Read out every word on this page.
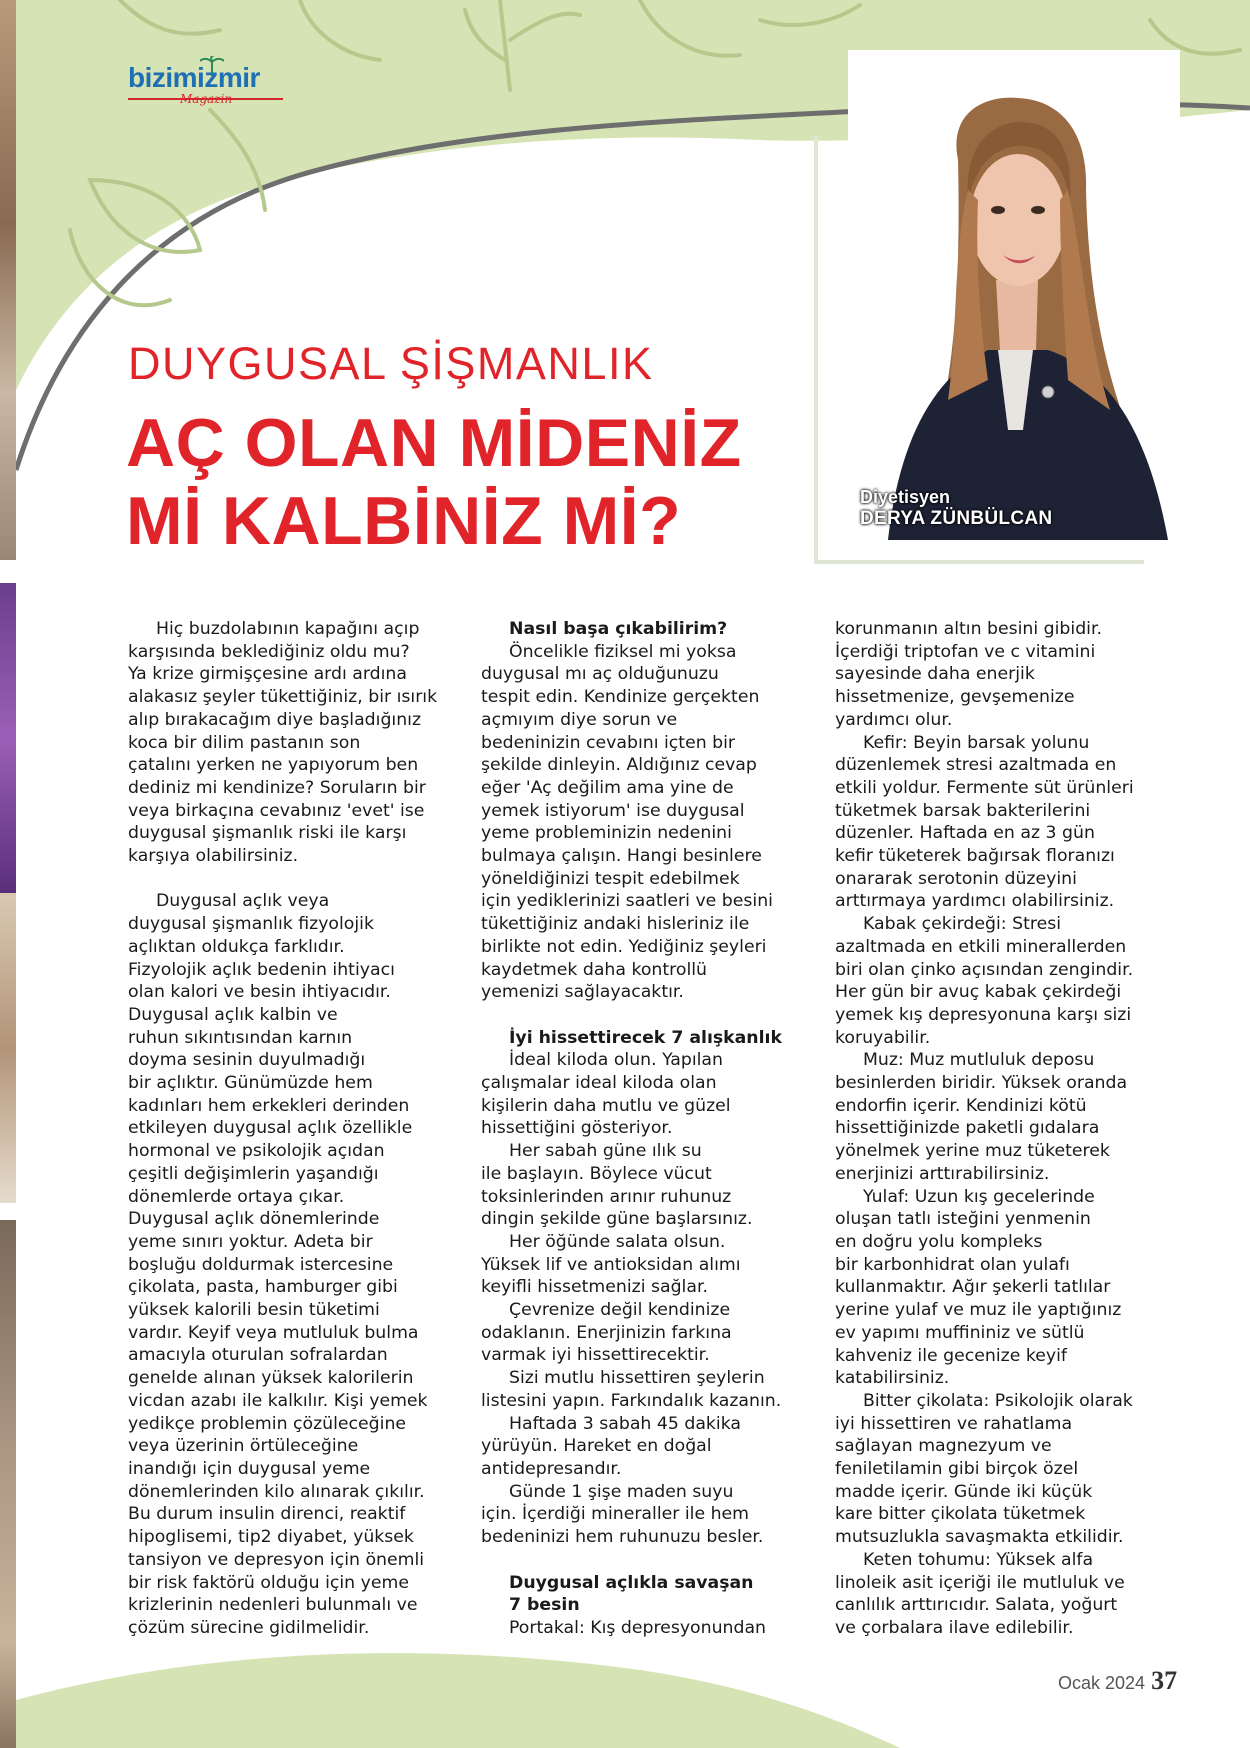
bizimizmir
Magazin
DUYGUSAL ŞİŞMANLIK
AÇ OLAN MİDENİZ
Mİ KALBİNİZ Mİ?	Diyetisyen
DERYA ZÜNBÜLCAN

Hiç buzdolabının kapağını açıp

karşısında beklediğiniz oldu mu?

Ya krize girmişçesine ardı ardına

alakasız şeyler tükettiğiniz, bir ısırık

alıp bırakacağım diye başladığınız

koca bir dilim pastanın son

çatalını yerken ne yapıyorum ben

dediniz mi kendinize? Soruların bir

veya birkaçına cevabınız 'evet' ise

duygusal şişmanlık riski ile karşı

karşıya olabilirsiniz.

Duygusal açlık veya

duygusal şişmanlık fizyolojik

açlıktan oldukça farklıdır.

Fizyolojik açlık bedenin ihtiyacı

olan kalori ve besin ihtiyacıdır.

Duygusal açlık kalbin ve

ruhun sıkıntısından karnın

doyma sesinin duyulmadığı

bir açlıktır. Günümüzde hem

kadınları hem erkekleri derinden

etkileyen duygusal açlık özellikle

hormonal ve psikolojik açıdan

çeşitli değişimlerin yaşandığı

dönemlerde ortaya çıkar.

Duygusal açlık dönemlerinde

yeme sınırı yoktur. Adeta bir

boşluğu doldurmak istercesine

çikolata, pasta, hamburger gibi

yüksek kalorili besin tüketimi

vardır. Keyif veya mutluluk bulma

amacıyla oturulan sofralardan

genelde alınan yüksek kalorilerin

vicdan azabı ile kalkılır. Kişi yemek

yedikçe problemin çözüleceğine

veya üzerinin örtüleceğine

inandığı için duygusal yeme

dönemlerinden kilo alınarak çıkılır.

Bu durum insulin direnci, reaktif

hipoglisemi, tip2 diyabet, yüksek

tansiyon ve depresyon için önemli

bir risk faktörü olduğu için yeme

krizlerinin nedenleri bulunmalı ve

çözüm sürecine gidilmelidir.

Nasıl başa çıkabilirim?

Öncelikle fiziksel mi yoksa

duygusal mı aç olduğunuzu

tespit edin. Kendinize gerçekten

açmıyım diye sorun ve

bedeninizin cevabını içten bir

şekilde dinleyin. Aldığınız cevap

eğer 'Aç değilim ama yine de

yemek istiyorum' ise duygusal

yeme probleminizin nedenini

bulmaya çalışın. Hangi besinlere

yöneldiğinizi tespit edebilmek

için yediklerinizi saatleri ve besini

tükettiğiniz andaki hisleriniz ile

birlikte not edin. Yediğiniz şeyleri

kaydetmek daha kontrollü

yemenizi sağlayacaktır.

İyi hissettirecek 7 alışkanlık

İdeal kiloda olun. Yapılan

çalışmalar ideal kiloda olan

kişilerin daha mutlu ve güzel

hissettiğini gösteriyor.

Her sabah güne ılık su

ile başlayın. Böylece vücut

toksinlerinden arınır ruhunuz

dingin şekilde güne başlarsınız.

Her öğünde salata olsun.

Yüksek lif ve antioksidan alımı

keyifli hissetmenizi sağlar.

Çevrenize değil kendinize

odaklanın. Enerjinizin farkına

varmak iyi hissettirecektir.

Sizi mutlu hissettiren şeylerin

listesini yapın. Farkındalık kazanın.

Haftada 3 sabah 45 dakika

yürüyün. Hareket en doğal

antidepresandır.

Günde 1 şişe maden suyu

için. İçerdiği mineraller ile hem

bedeninizi hem ruhunuzu besler.

Duygusal açlıkla savaşan

7 besin

Portakal: Kış depresyonundan

korunmanın altın besini gibidir.

İçerdiği triptofan ve c vitamini

sayesinde daha enerjik

hissetmenize, gevşemenize

yardımcı olur.

Kefir: Beyin barsak yolunu

düzenlemek stresi azaltmada en

etkili yoldur. Fermente süt ürünleri

tüketmek barsak bakterilerini

düzenler. Haftada en az 3 gün

kefir tüketerek bağırsak floranızı

onararak serotonin düzeyini

arttırmaya yardımcı olabilirsiniz.

Kabak çekirdeği: Stresi

azaltmada en etkili minerallerden

biri olan çinko açısından zengindir.

Her gün bir avuç kabak çekirdeği

yemek kış depresyonuna karşı sizi

koruyabilir.

Muz: Muz mutluluk deposu

besinlerden biridir. Yüksek oranda

endorfin içerir. Kendinizi kötü

hissettiğinizde paketli gıdalara

yönelmek yerine muz tüketerek

enerjinizi arttırabilirsiniz.

Yulaf: Uzun kış gecelerinde

oluşan tatlı isteğini yenmenin

en doğru yolu kompleks

bir karbonhidrat olan yulafı

kullanmaktır. Ağır şekerli tatlılar

yerine yulaf ve muz ile yaptığınız

ev yapımı muffininiz ve sütlü

kahveniz ile gecenize keyif

katabilirsiniz.

Bitter çikolata: Psikolojik olarak

iyi hissettiren ve rahatlama

sağlayan magnezyum ve

feniletilamin gibi birçok özel

madde içerir. Günde iki küçük

kare bitter çikolata tüketmek

mutsuzlukla savaşmakta etkilidir.

Keten tohumu: Yüksek alfa

linoleik asit içeriği ile mutluluk ve

canlılık arttırıcıdır. Salata, yoğurt

ve çorbalara ilave edilebilir.

Ocak 2024 37
